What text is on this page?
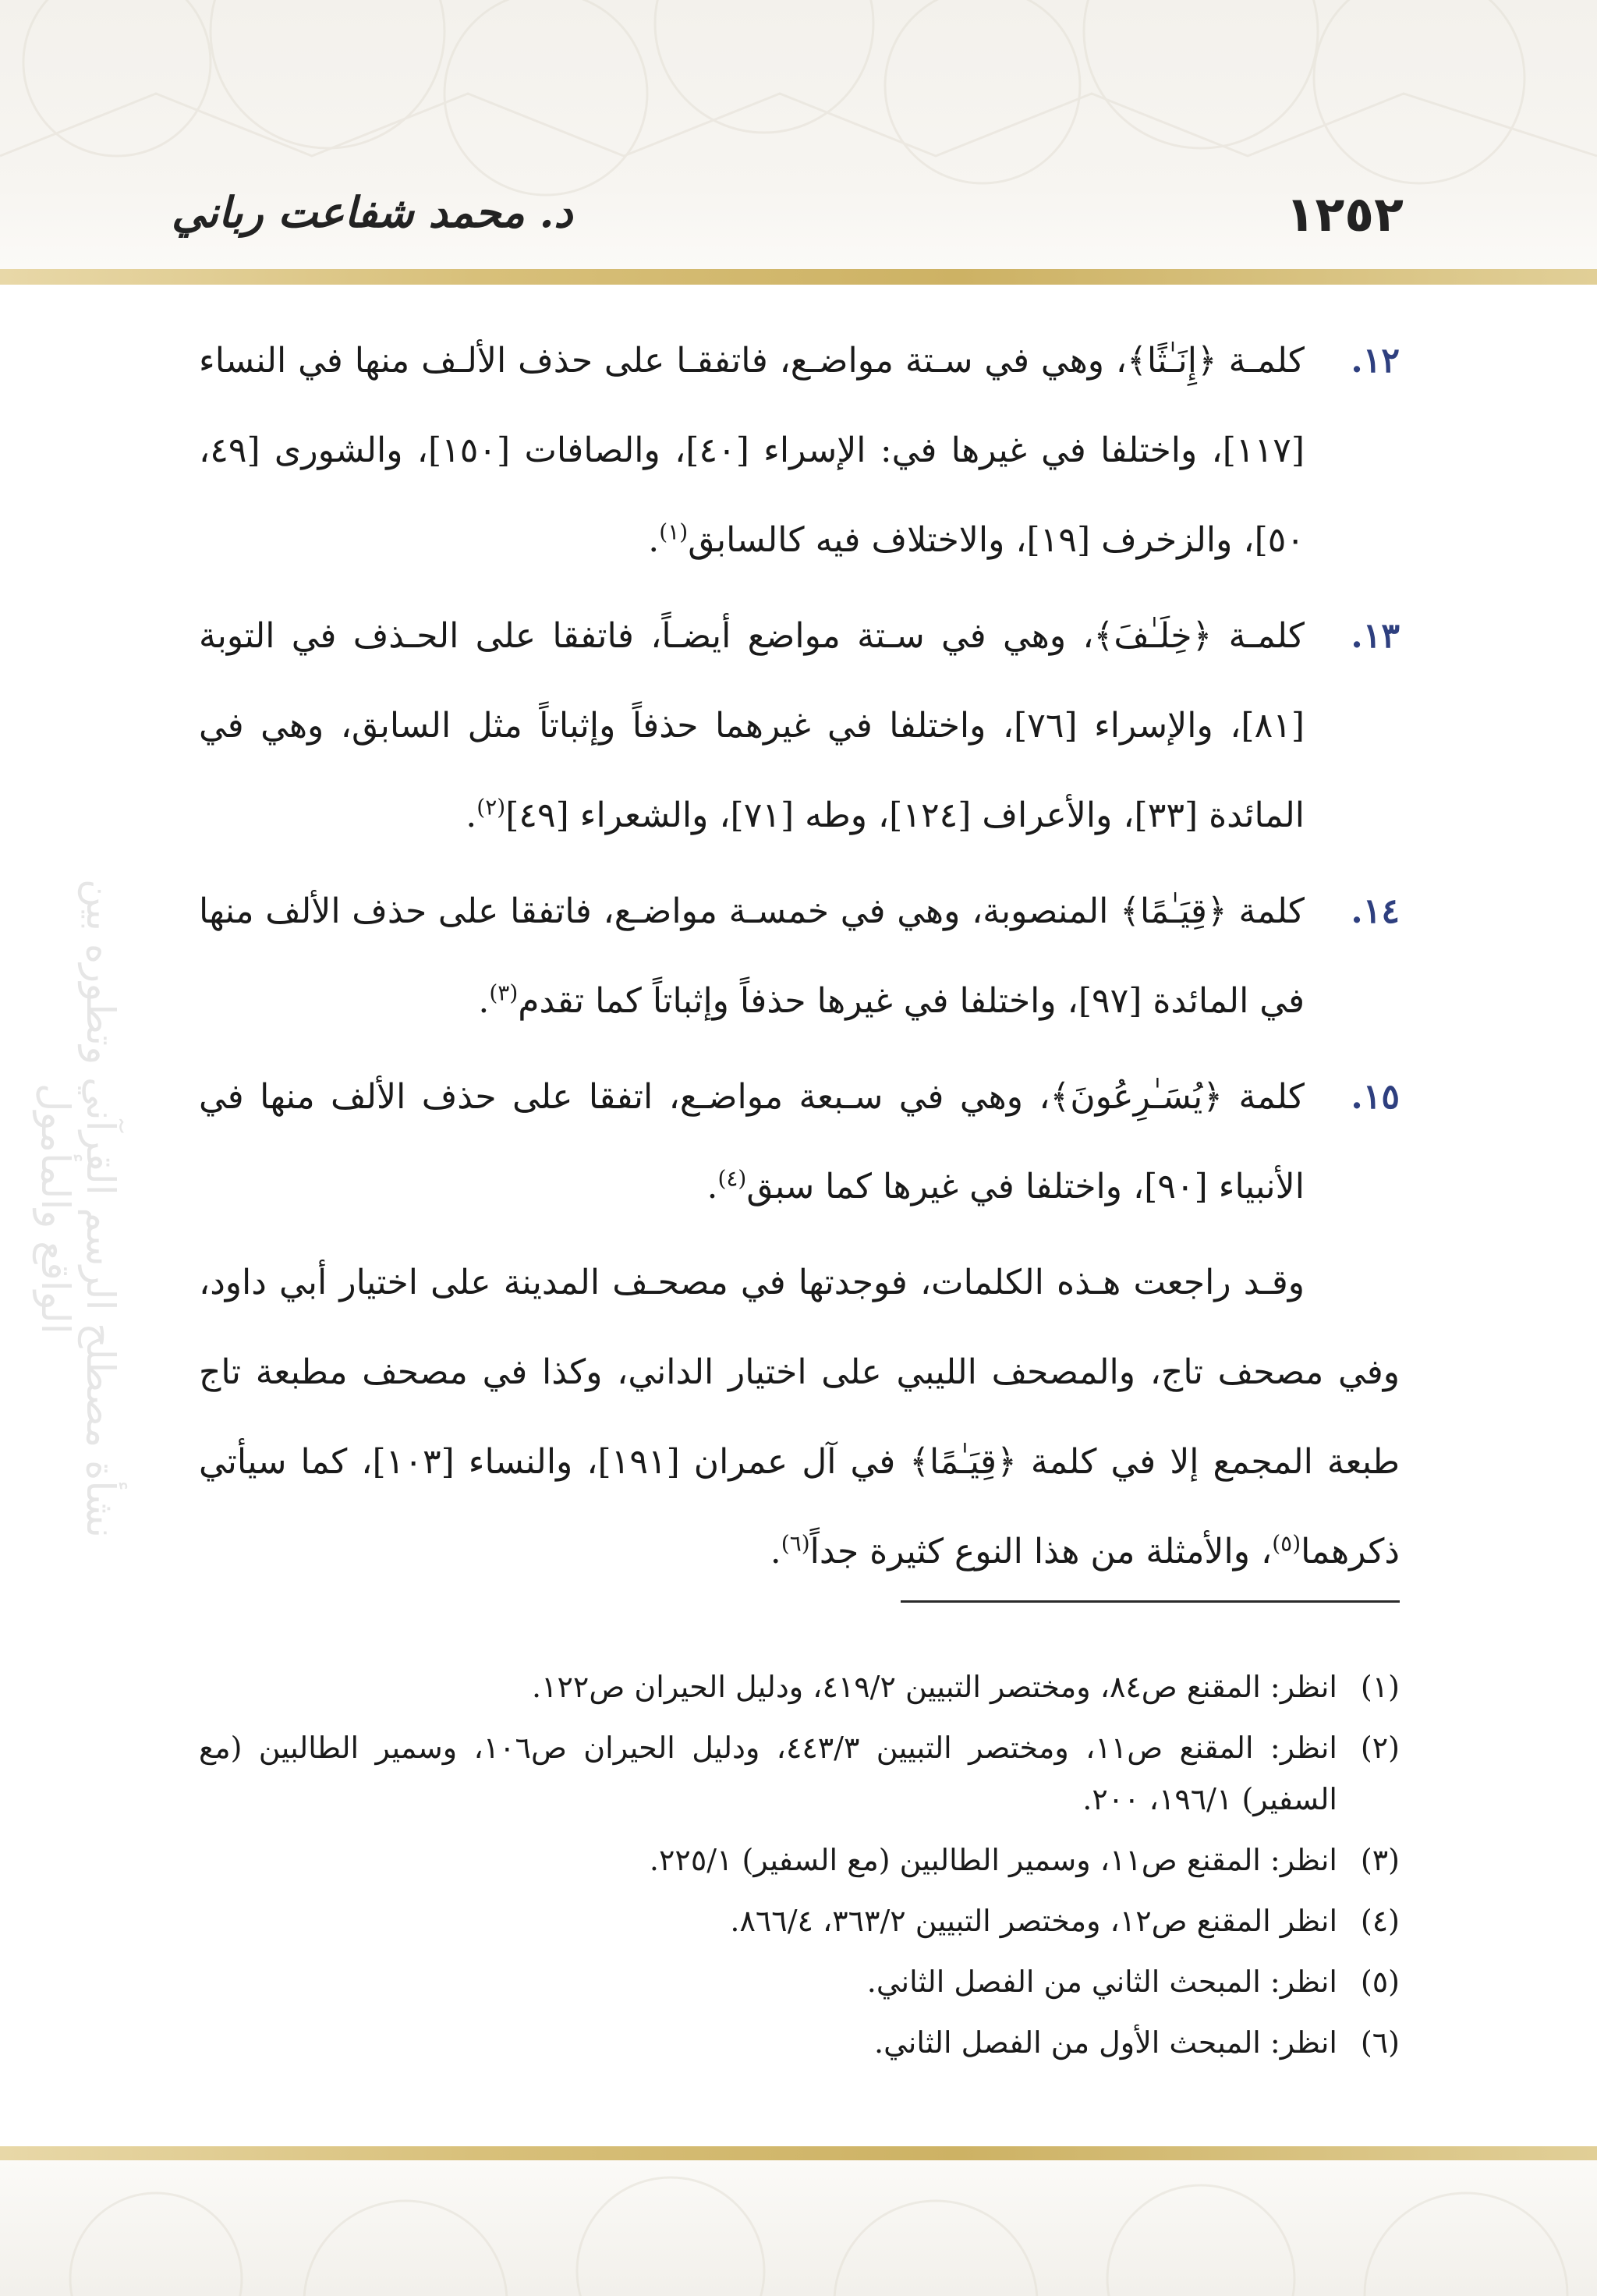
١٢٥٢
د. محمد شفاعت رباني
نشأة مصطلح الرسم القرآني وتطوره بين الواقع والمأمول
١٢.
كلمـة ﴿إِنَـٰثًا﴾، وهي في سـتة مواضـع، فاتفقـا على حذف الألـف منها في النساء [١١٧]، واختلفا في غيرها في: الإسراء [٤٠]، والصافات [١٥٠]، والشورى [٤٩، ٥٠]، والزخرف [١٩]، والاختلاف فيه كالسابق$^{(١)}$.
١٣.
كلمـة ﴿خِلَـٰفَ﴾، وهي في سـتة مواضع أيضـاً، فاتفقا على الحـذف في التوبة [٨١]، والإسراء [٧٦]، واختلفا في غيرهما حذفاً وإثباتاً مثل السابق، وهي في المائدة [٣٣]، والأعراف [١٢٤]، وطه [٧١]، والشعراء [٤٩]$^{(٢)}$.
١٤.
كلمة ﴿قِيَـٰمًا﴾ المنصوبة، وهي في خمسـة مواضـع، فاتفقا على حذف الألف منها في المائدة [٩٧]، واختلفا في غيرها حذفاً وإثباتاً كما تقدم$^{(٣)}$.
١٥.
كلمة ﴿يُسَـٰرِعُونَ﴾، وهي في سـبعة مواضـع، اتفقا على حذف الألف منها في الأنبياء [٩٠]، واختلفا في غيرها كما سبق$^{(٤)}$.

وقـد راجعت هـذه الكلمات، فوجدتها في مصحـف المدينة على اختيار أبي داود، وفي مصحف تاج، والمصحف الليبي على اختيار الداني، وكذا في مصحف مطبعة تاج طبعة المجمع إلا في كلمة ﴿قِيَـٰمًا﴾ في آل عمران [١٩١]، والنساء [١٠٣]، كما سيأتي ذكرهما$^{(٥)}$، والأمثلة من هذا النوع كثيرة جداً$^{(٦)}$.

(١)
انظر: المقنع ص٨٤، ومختصر التبيين ٤١٩/٢، ودليل الحيران ص١٢٢.
(٢)
انظر: المقنع ص١١، ومختصر التبيين ٤٤٣/٣، ودليل الحيران ص١٠٦، وسمير الطالبين (مع السفير) ١٩٦/١، ٢٠٠.
(٣)
انظر: المقنع ص١١، وسمير الطالبين (مع السفير) ٢٢٥/١.
(٤)
انظر المقنع ص١٢، ومختصر التبيين ٣٦٣/٢، ٨٦٦/٤.
(٥)
انظر: المبحث الثاني من الفصل الثاني.
(٦)
انظر: المبحث الأول من الفصل الثاني.
